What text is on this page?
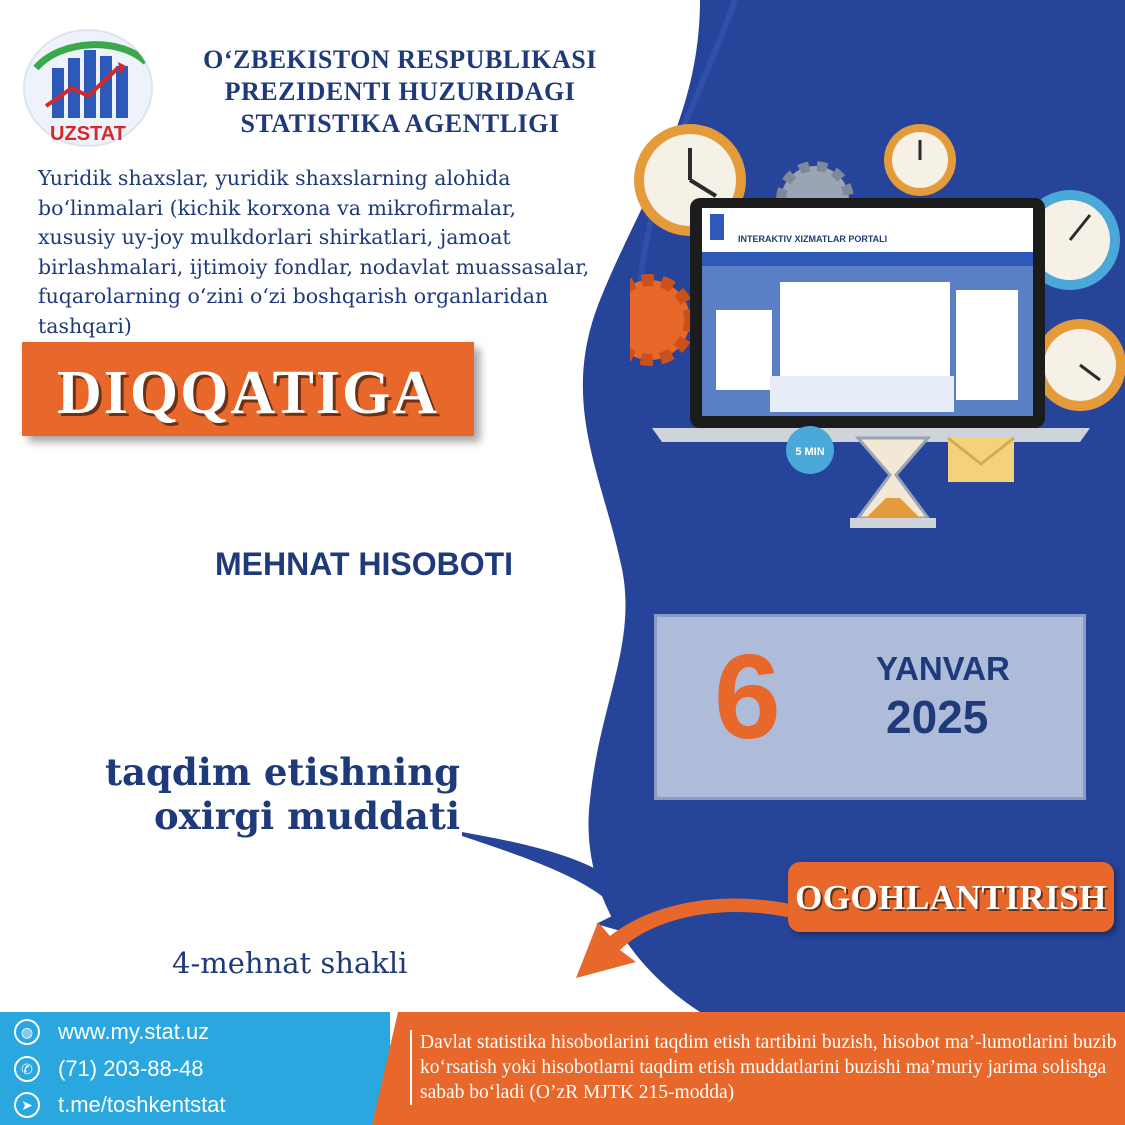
UZSTAT
O‘ZBEKISTON RESPUBLIKASI
PREZIDENTI HUZURIDAGI
STATISTIKA AGENTLIGI
Yuridik shaxslar, yuridik shaxslarning alohida bo‘linmalari (kichik korxona va mikrofirmalar, xususiy uy-joy mulkdorlari shirkatlari, jamoat birlashmalari, ijtimoiy fondlar, nodavlat muassasalar, fuqarolarning o‘zini o‘zi boshqarish organlaridan tashqari)
DIQQATIGA
INTERAKTIV XIZMATLAR PORTALI
5 MIN
MEHNAT HISOBOTI
6	YANVAR
2025
taqdim etishning
oxirgi muddati
OGOHLANTIRISH
4-mehnat shakli
◍	www.my.stat.uz
✆	(71) 203-88-48
➤	t.me/toshkentstat
Davlat statistika hisobotlarini taqdim etish tartibini buzish, hisobot ma’-lumotlarini buzib ko‘rsatish yoki hisobotlarni taqdim etish muddatlarini buzishi ma’muriy jarima solishga sabab bo‘ladi (O’zR MJTK 215-modda)
